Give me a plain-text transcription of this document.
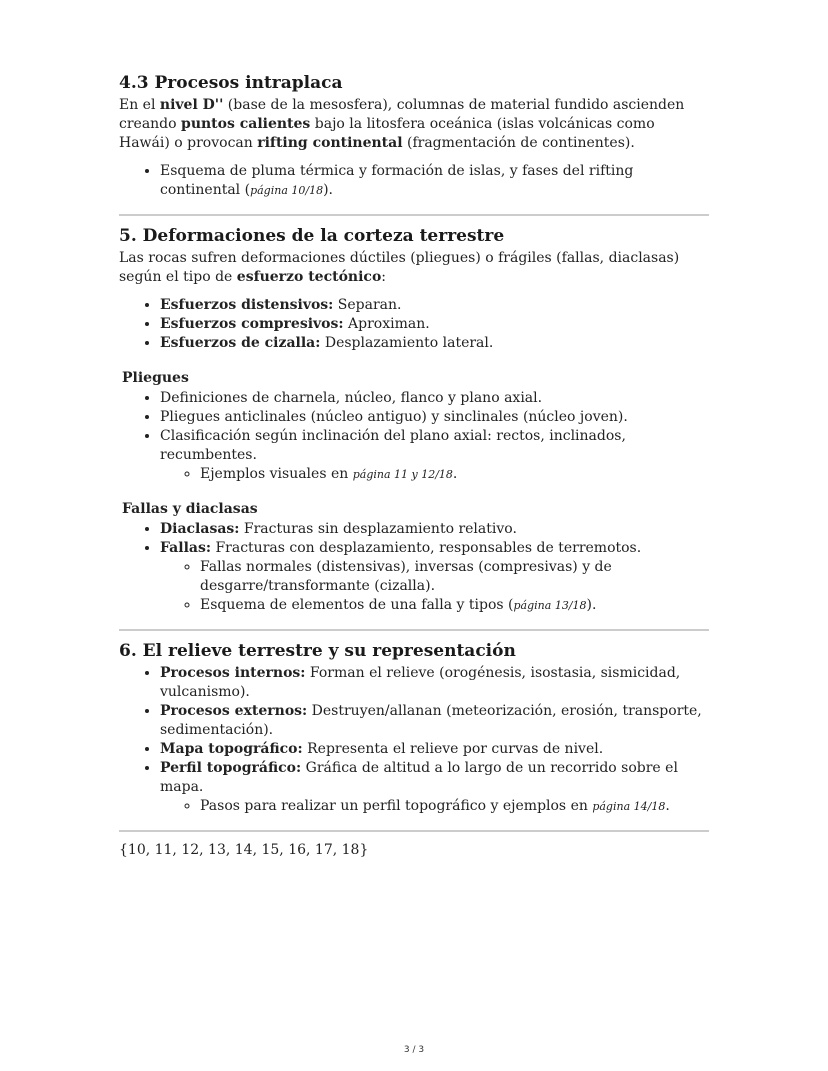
4.3 Procesos intraplaca

En el nivel D'' (base de la mesosfera), columnas de material fundido ascienden creando puntos calientes bajo la litosfera oceánica (islas volcánicas como Hawái) o provocan rifting continental (fragmentación de continentes).

• Esquema de pluma térmica y formación de islas, y fases del rifting continental (página 10/18).
5. Deformaciones de la corteza terrestre

Las rocas sufren deformaciones dúctiles (pliegues) o frágiles (fallas, diaclasas) según el tipo de esfuerzo tectónico:

• Esfuerzos distensivos: Separan.
• Esfuerzos compresivos: Aproximan.
• Esfuerzos de cizalla: Desplazamiento lateral.
Pliegues
• Definiciones de charnela, núcleo, flanco y plano axial.
• Pliegues anticlinales (núcleo antiguo) y sinclinales (núcleo joven).
• Clasificación según inclinación del plano axial: rectos, inclinados, recumbentes.
◦ Ejemplos visuales en página 11 y 12/18.
Fallas y diaclasas
• Diaclasas: Fracturas sin desplazamiento relativo.
• Fallas: Fracturas con desplazamiento, responsables de terremotos.
◦ Fallas normales (distensivas), inversas (compresivas) y de desgarre/transformante (cizalla).
◦ Esquema de elementos de una falla y tipos (página 13/18).
6. El relieve terrestre y su representación
• Procesos internos: Forman el relieve (orogénesis, isostasia, sismicidad, vulcanismo).
• Procesos externos: Destruyen/allanan (meteorización, erosión, transporte, sedimentación).
• Mapa topográfico: Representa el relieve por curvas de nivel.
• Perfil topográfico: Gráfica de altitud a lo largo de un recorrido sobre el mapa.
◦ Pasos para realizar un perfil topográfico y ejemplos en página 14/18.

{10, 11, 12, 13, 14, 15, 16, 17, 18}

3 / 3
